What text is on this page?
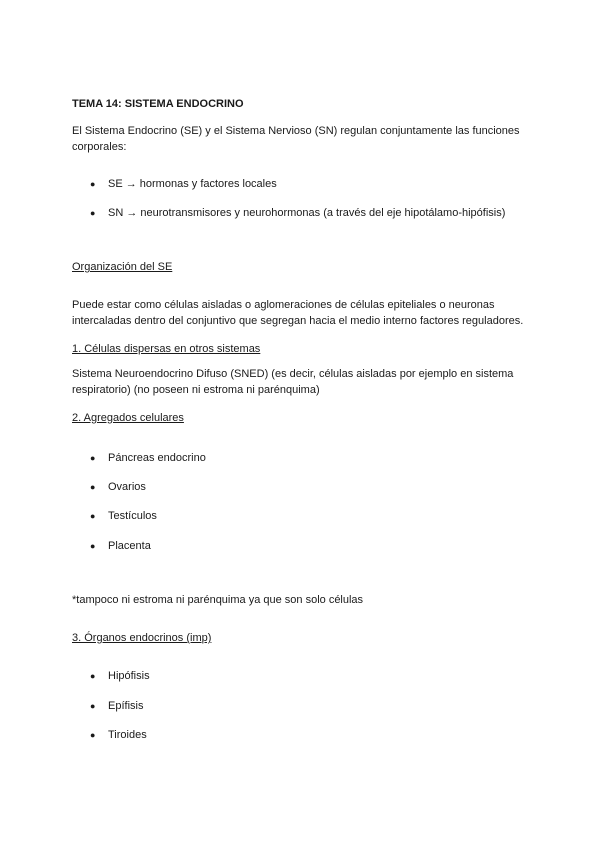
TEMA 14: SISTEMA ENDOCRINO
El Sistema Endocrino (SE) y el Sistema Nervioso (SN) regulan conjuntamente las funciones corporales:
● SE → hormonas y factores locales
● SN → neurotransmisores y neurohormonas (a través del eje hipotálamo-hipófisis)
Organización del SE
Puede estar como células aisladas o aglomeraciones de células epiteliales o neuronas intercaladas dentro del conjuntivo que segregan hacia el medio interno factores reguladores.
1. Células dispersas en otros sistemas
Sistema Neuroendocrino Difuso (SNED) (es decir, células aisladas por ejemplo en sistema respiratorio) (no poseen ni estroma ni parénquima)
2. Agregados celulares
● Páncreas endocrino
● Ovarios
● Testículos
● Placenta
*tampoco ni estroma ni parénquima ya que son solo células
3. Órganos endocrinos (imp)
● Hipófisis
● Epífisis
● Tiroides
